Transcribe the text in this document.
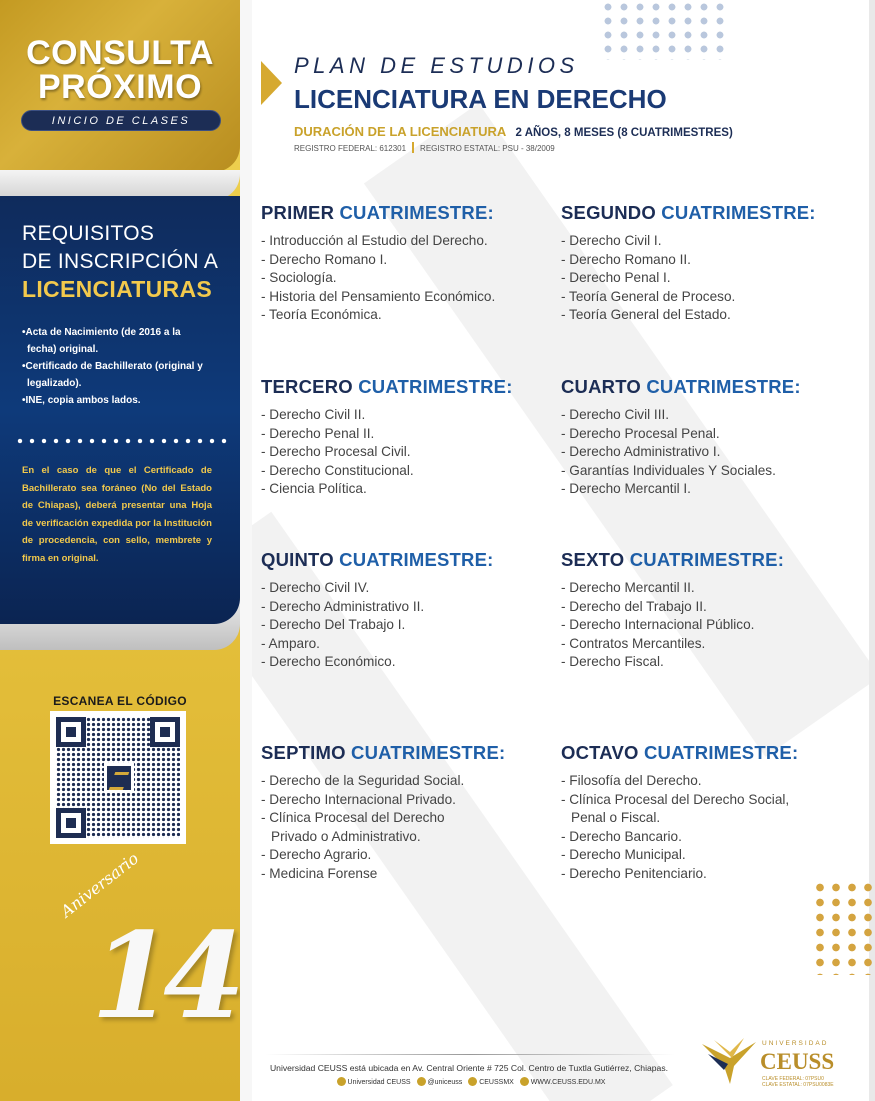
CONSULTA
PRÓXIMO
INICIO DE CLASES
REQUISITOS
DE INSCRIPCIÓN A
LICENCIATURAS
•Acta de Nacimiento (de 2016 a la
fecha) original.
•Certificado de Bachillerato (original y
legalizado).
•INE, copia ambos lados.
En el caso de que el Certificado de Bachillerato sea foráneo (No del Estado de Chiapas), deberá presentar una Hoja de verificación expedida por la Institución de procedencia, con sello, membrete y firma en original.
ESCANEA EL CÓDIGO
Aniversario
14
PLAN DE ESTUDIOS
LICENCIATURA EN DERECHO
DURACIÓN DE LA LICENCIATURA 2 AÑOS, 8 MESES (8 CUATRIMESTRES)
REGISTRO FEDERAL: 612301 REGISTRO ESTATAL: PSU - 38/2009
PRIMER CUATRIMESTRE:
- Introducción al Estudio del Derecho.
- Derecho Romano I.
- Sociología.
- Historia del Pensamiento Económico.
- Teoría Económica.
SEGUNDO CUATRIMESTRE:
- Derecho Civil I.
- Derecho Romano II.
- Derecho Penal I.
- Teoría General de Proceso.
- Teoría General del Estado.
TERCERO CUATRIMESTRE:
- Derecho Civil II.
- Derecho Penal II.
- Derecho Procesal Civil.
- Derecho Constitucional.
- Ciencia Política.
CUARTO CUATRIMESTRE:
- Derecho Civil III.
- Derecho Procesal Penal.
- Derecho Administrativo I.
- Garantías Individuales Y Sociales.
- Derecho Mercantil I.
QUINTO CUATRIMESTRE:
- Derecho Civil IV.
- Derecho Administrativo II.
- Derecho Del Trabajo I.
- Amparo.
- Derecho Económico.
SEXTO CUATRIMESTRE:
- Derecho Mercantil II.
- Derecho del Trabajo II.
- Derecho Internacional Público.
- Contratos Mercantiles.
- Derecho Fiscal.
SEPTIMO CUATRIMESTRE:
- Derecho de la Seguridad Social.
- Derecho Internacional Privado.
- Clínica Procesal del Derecho Privado o Administrativo.
- Derecho Agrario.
- Medicina Forense
OCTAVO CUATRIMESTRE:
- Filosofía del Derecho.
- Clínica Procesal del Derecho Social, Penal o Fiscal.
- Derecho Bancario.
- Derecho Municipal.
- Derecho Penitenciario.
Universidad CEUSS está ubicada en Av. Central Oriente # 725 Col. Centro de Tuxtla Gutiérrez, Chiapas.
Universidad CEUSS @uniceuss CEUSSMX WWW.CEUSS.EDU.MX
UNIVERSIDAD
CEUSS
CLAVE FEDERAL: 07PSU0
CLAVE ESTATAL: 07PSU0083E
